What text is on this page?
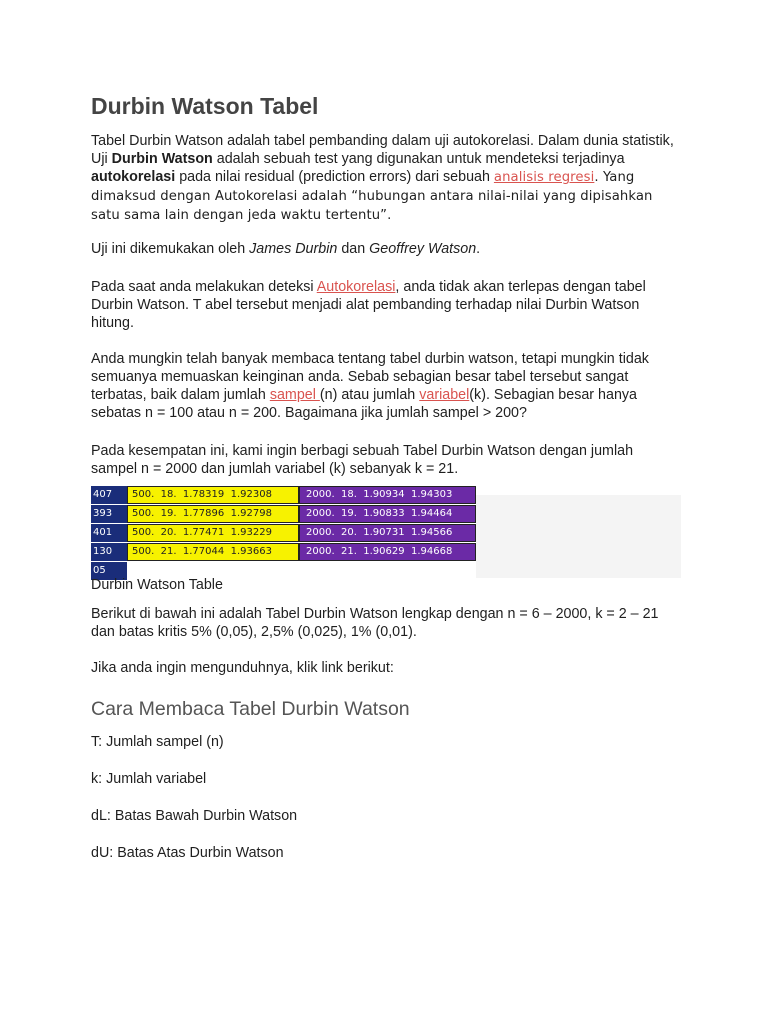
Durbin Watson Tabel

Tabel Durbin Watson adalah tabel pembanding dalam uji autokorelasi. Dalam dunia statistik, Uji Durbin Watson adalah sebuah test yang digunakan untuk mendeteksi terjadinya autokorelasi pada nilai residual (prediction errors) dari sebuah analisis regresi. Yang dimaksud dengan Autokorelasi adalah “hubungan antara nilai-nilai yang dipisahkan satu sama lain dengan jeda waktu tertentu”.

Uji ini dikemukakan oleh James Durbin dan Geoffrey Watson.

Pada saat anda melakukan deteksi Autokorelasi, anda tidak akan terlepas dengan tabel Durbin Watson. T abel tersebut menjadi alat pembanding terhadap nilai Durbin Watson hitung.

Anda mungkin telah banyak membaca tentang tabel durbin watson, tetapi mungkin tidak semuanya memuaskan keinginan anda. Sebab sebagian besar tabel tersebut sangat terbatas, baik dalam jumlah sampel (n) atau jumlah variabel(k). Sebagian besar hanya sebatas n = 100 atau n = 200. Bagaimana jika jumlah sampel > 200?

Pada kesempatan ini, kami ingin berbagi sebuah Tabel Durbin Watson dengan jumlah sampel n = 2000 dan jumlah variabel (k) sebanyak k = 21.

407	500.  18.  1.78319  1.92308	2000.  18.  1.90934  1.94303
393	500.  19.  1.77896  1.92798	2000.  19.  1.90833  1.94464
401	500.  20.  1.77471  1.93229	2000.  20.  1.90731  1.94566
130	500.  21.  1.77044  1.93663	2000.  21.  1.90629  1.94668
05

Durbin Watson Table

Berikut di bawah ini adalah Tabel Durbin Watson lengkap dengan n = 6 – 2000, k = 2 – 21 dan batas kritis 5% (0,05), 2,5% (0,025), 1% (0,01).

Jika anda ingin mengunduhnya, klik link berikut:

Cara Membaca Tabel Durbin Watson

T: Jumlah sampel (n)

k: Jumlah variabel

dL: Batas Bawah Durbin Watson

dU: Batas Atas Durbin Watson
